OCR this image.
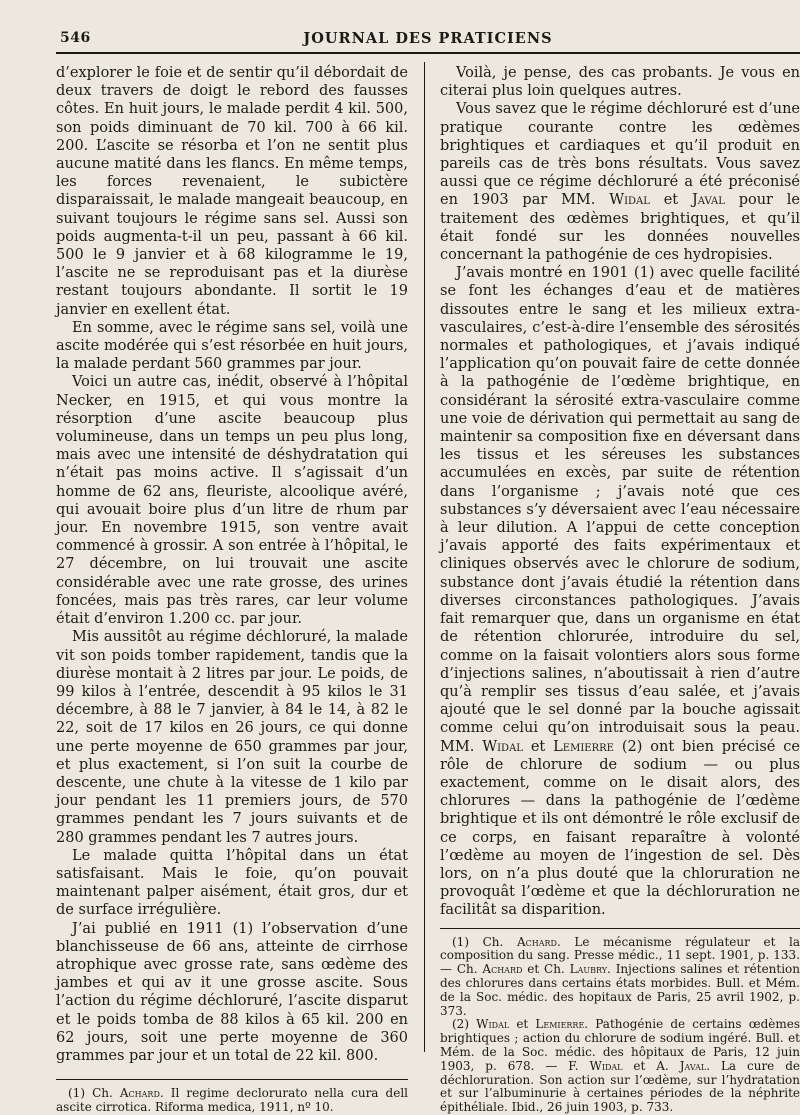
546	JOURNAL DES PRATICIENS

d’explorer le foie et de sentir qu’il débordait de deux travers de doigt le rebord des fausses côtes. En huit jours, le malade perdit 4 kil. 500, son poids diminuant de 70 kil. 700 à 66 kil. 200. L’ascite se résorba et l’on ne sentit plus aucune matité dans les flancs. En même temps, les forces revenaient, le subictère disparaissait, le malade mangeait beaucoup, en suivant toujours le régime sans sel. Aussi son poids augmenta-t-il un peu, passant à 66 kil. 500 le 9 janvier et à 68 kilogramme le 19, l’ascite ne se reproduisant pas et la diurèse restant toujours abondante. Il sortit le 19 janvier en exellent état.

En somme, avec le régime sans sel, voilà une ascite modérée qui s’est résorbée en huit jours, la malade perdant 560 grammes par jour.

Voici un autre cas, inédit, observé à l’hôpital Necker, en 1915, et qui vous montre la résorption d’une ascite beaucoup plus volumineuse, dans un temps un peu plus long, mais avec une intensité de déshydratation qui n’était pas moins active. Il s’agissait d’un homme de 62 ans, fleuriste, alcoolique avéré, qui avouait boire plus d’un litre de rhum par jour. En novembre 1915, son ventre avait commencé à grossir. A son entrée à l’hôpital, le 27 décembre, on lui trouvait une ascite considérable avec une rate grosse, des urines foncées, mais pas très rares, car leur volume était d’environ 1.200 cc. par jour.

Mis aussitôt au régime déchloruré, la malade vit son poids tomber rapidement, tandis que la diurèse montait à 2 litres par jour. Le poids, de 99 kilos à l’entrée, descendit à 95 kilos le 31 décembre, à 88 le 7 janvier, à 84 le 14, à 82 le 22, soit de 17 kilos en 26 jours, ce qui donne une perte moyenne de 650 grammes par jour, et plus exactement, si l’on suit la courbe de descente, une chute à la vitesse de 1 kilo par jour pendant les 11 premiers jours, de 570 grammes pendant les 7 jours suivants et de 280 grammes pendant les 7 autres jours.

Le malade quitta l’hôpital dans un état satisfaisant. Mais le foie, qu’on pouvait maintenant palper aisément, était gros, dur et de surface irrégulière.

J’ai publié en 1911 (1) l’observation d’une blanchisseuse de 66 ans, atteinte de cirrhose atrophique avec grosse rate, sans œdème des jambes et qui av it une grosse ascite. Sous l’action du régime déchloruré, l’ascite disparut et le poids tomba de 88 kilos à 65 kil. 200 en 62 jours, soit une perte moyenne de 360 grammes par jour et un total de 22 kil. 800.

(1) Ch. Achard. Il regime declorurato nella cura dell ascite cirrotica. Riforma medica, 1911, nº 10.

Voilà, je pense, des cas probants. Je vous en citerai plus loin quelques autres.

Vous savez que le régime déchloruré est d’une pratique courante contre les œdèmes brightiques et cardiaques et qu’il produit en pareils cas de très bons résultats. Vous savez aussi que ce régime déchloruré a été préconisé en 1903 par MM. Widal et Javal pour le traitement des œdèmes brightiques, et qu’il était fondé sur les données nouvelles concernant la pathogénie de ces hydropisies.

J’avais montré en 1901 (1) avec quelle facilité se font les échanges d’eau et de matières dissoutes entre le sang et les milieux extra-vasculaires, c’est-à-dire l’ensemble des sérosités normales et pathologiques, et j’avais indiqué l’application qu’on pouvait faire de cette donnée à la pathogénie de l’œdème brightique, en considérant la sérosité extra-vasculaire comme une voie de dérivation qui permettait au sang de maintenir sa composition fixe en déversant dans les tissus et les séreuses les substances accumulées en excès, par suite de rétention dans l’organisme ; j’avais noté que ces substances s’y déversaient avec l’eau nécessaire à leur dilution. A l’appui de cette conception j’avais apporté des faits expérimentaux et cliniques observés avec le chlorure de sodium, substance dont j’avais étudié la rétention dans diverses circonstances pathologiques. J’avais fait remarquer que, dans un organisme en état de rétention chlorurée, introduire du sel, comme on la faisait volontiers alors sous forme d’injections salines, n’aboutissait à rien d’autre qu’à remplir ses tissus d’eau salée, et j’avais ajouté que le sel donné par la bouche agissait comme celui qu’on introduisait sous la peau. MM. Widal et Lemierre (2) ont bien précisé ce rôle de chlorure de sodium — ou plus exactement, comme on le disait alors, des chlorures — dans la pathogénie de l’œdème brightique et ils ont démontré le rôle exclusif de ce corps, en faisant reparaître à volonté l’œdème au moyen de l’ingestion de sel. Dès lors, on n’a plus douté que la chloruration ne provoquât l’œdème et que la déchloruration ne facilitât sa disparition.

(1) Ch. Achard. Le mécanisme régulateur et la composition du sang. Presse médic., 11 sept. 1901, p. 133. — Ch. Achard et Ch. Laubry. Injections salines et rétention des chlorures dans certains états morbides. Bull. et Mém. de la Soc. médic. des hopitaux de Paris, 25 avril 1902, p. 373.

(2) Widal et Lemierre. Pathogénie de certains œdèmes brightiques ; action du chlorure de sodium ingéré. Bull. et Mém. de la Soc. médic. des hôpitaux de Paris, 12 juin 1903, p. 678. — F. Widal et A. Javal. La cure de déchloruration. Son action sur l’œdème, sur l’hydratation et sur l’albuminurie à certaines périodes de la néphrite épithéliale. Ibid., 26 juin 1903, p. 733.
